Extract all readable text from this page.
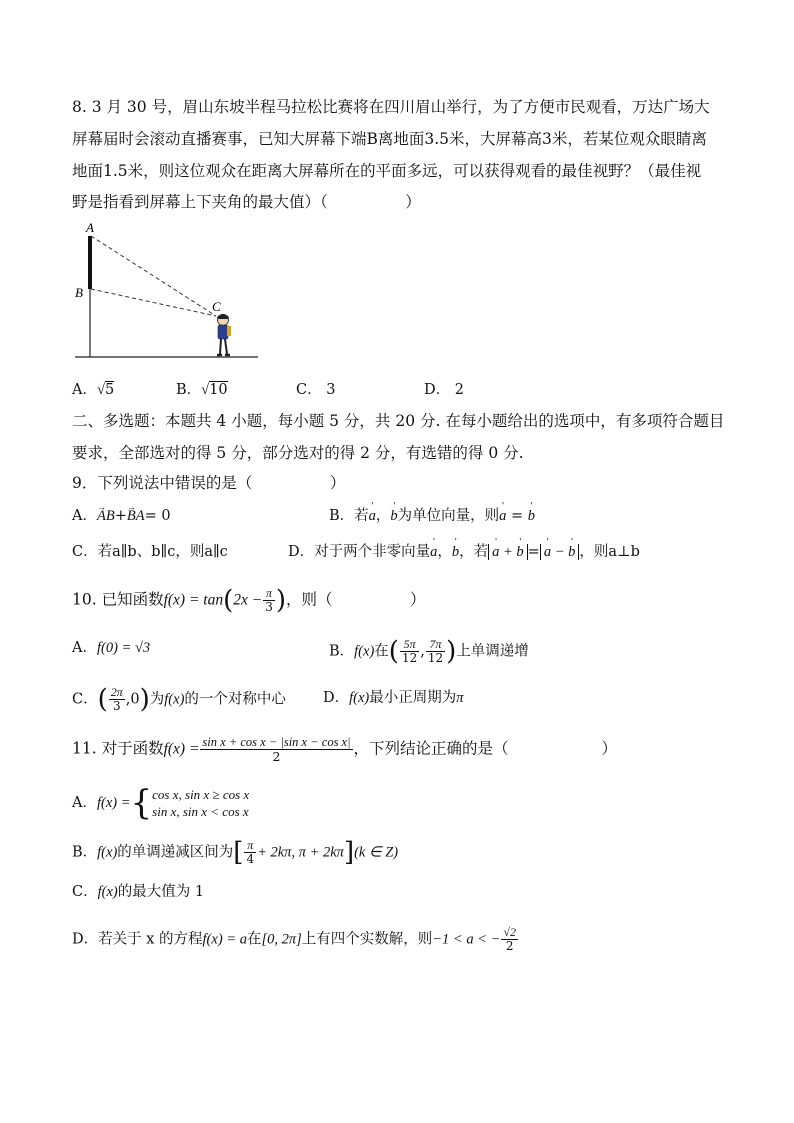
8. 3 月 30 号，眉山东坡半程马拉松比赛将在四川眉山举行，为了方便市民观看，万达广场大
屏幕届时会滚动直播赛事，已知大屏幕下端B离地面3.5米，大屏幕高3米，若某位观众眼睛离
地面1.5米，则这位观众在距离大屏幕所在的平面多远，可以获得观看的最佳视野？（最佳视
野是指看到屏幕上下夹角的最大值）（　　　　　）
A
B
C
A．√5	B．√10	C． 3	D． 2
二、多选题：本题共 4 小题，每小题 5 分，共 20 分. 在每小题给出的选项中，有多项符合题目
要求，全部选对的得 5 分，部分选对的得 2 分，有选错的得 0 分.
9．下列说法中错误的是（　　　　　）
A．→ AB+→ BA= 0	B．若' a，' b为单位向量，则' a = ' b
C．若a∥b、b∥c，则a∥c	D．对于两个非零向量' a，' b，若 ' a + ' b = ' a − ' b ，则a⊥b
10. 已知函数$f(x) = \tan(2x - \frac{\pi}{3}$ )，则（　　　　　）
A．f(0) = √3	B．f(x)在( $\frac{5\pi}{12}$ , $\frac{7\pi}{12}$ )上单调递增
C．( $\frac{2\pi}{3} ,0$)为f(x)的一个对称中心	D．f(x)最小正周期为π
11. 对于函数$f(x) = \frac{\text{sin x + cos x − |sin x − cos x|}}{2}$ ，下列结论正确的是（　　　　　　）
A．f(x) ={ cos x, sin x ≥ cos x
sin x, sin x < cos x
B．f(x)的单调递减区间为[ $\frac{\pi}{4} + 2k\pi$, π + 2kπ](k ∈ Z)
C．f(x)的最大值为 1
D．若关于 x 的方程f(x) = a在[0, 2π]上有四个实数解，则−1 < a < − $\frac{√2}{2}$
